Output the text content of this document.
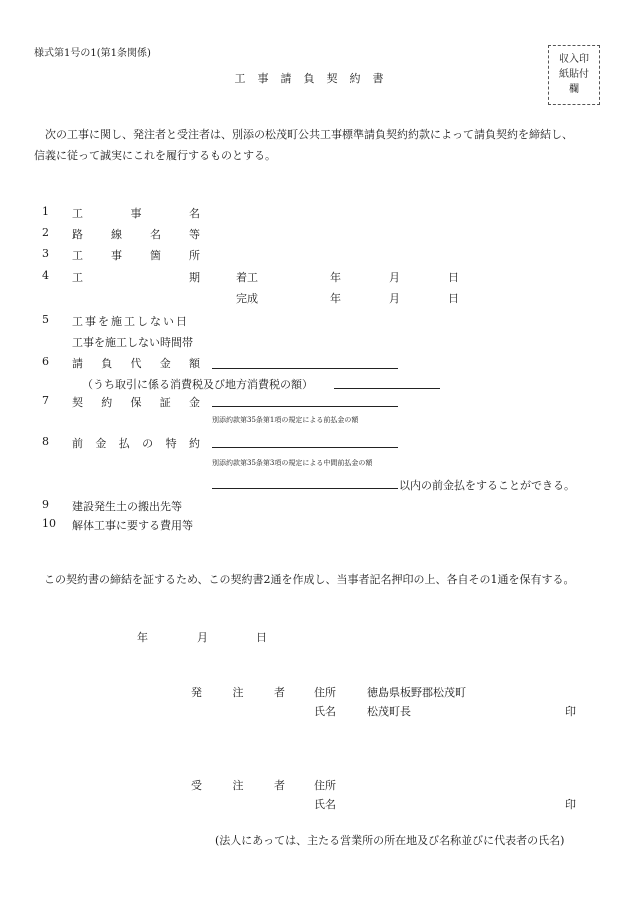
様式第1号の1(第1条関係)
収入印
紙貼付
欄
工事請負契約書
次の工事に関し、発注者と受注者は、別添の松茂町公共工事標準請負契約約款によって請負契約を締結し、
信義に従って誠実にこれを履行するものとする。
1 工	事	名
2 路	線	名	等
3 工	事	箇	所
4 工	期	着工	年	月	日
完成	年	月	日
5 工事を施工しない日
工事を施工しない時間帯
6 請 負 代 金 額
（うち取引に係る消費税及び地方消費税の額）
7 契 約 保 証 金
別添約款第35条第1項の規定による前払金の額
8 前 金 払 の 特 約
別添約款第35条第3項の規定による中間前払金の額
以内の前金払をすることができる。
9 建設発生土の搬出先等
10 解体工事に要する費用等
この契約書の締結を証するため、この契約書2通を作成し、当事者記名押印の上、各自その1通を保有する。
年	月	日
発	注	者	住所	徳島県板野郡松茂町
氏名	松茂町長	印
受	注	者	住所
氏名	印
(法人にあっては、主たる営業所の所在地及び名称並びに代表者の氏名)
